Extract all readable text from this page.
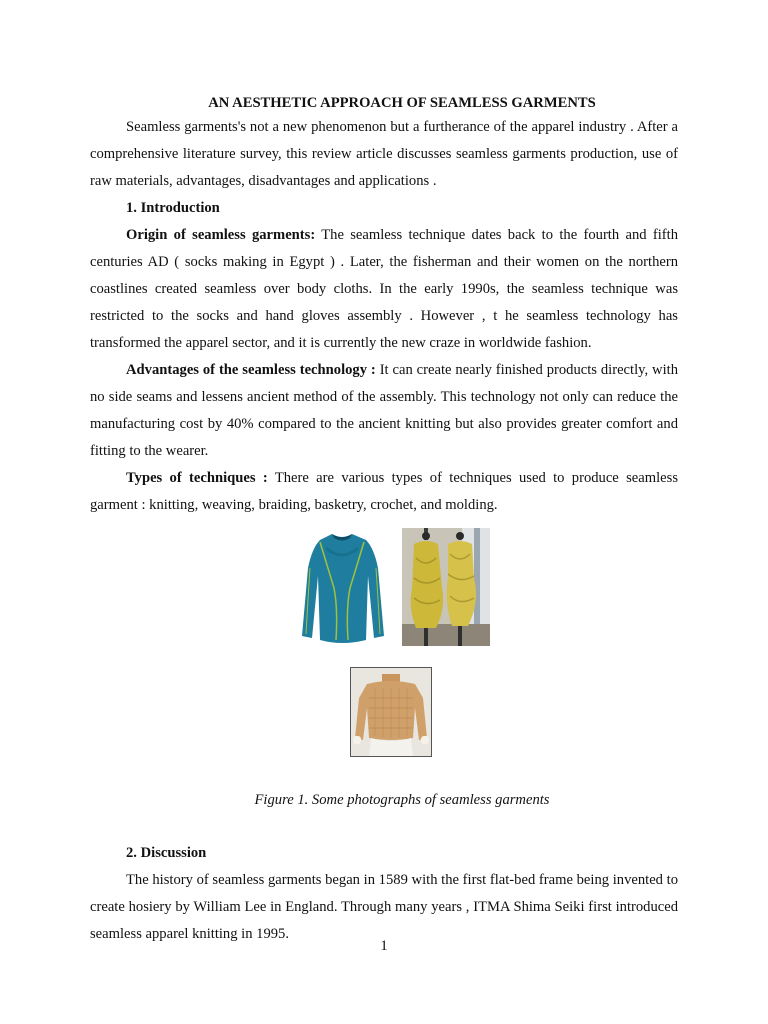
AN AESTHETIC APPROACH OF SEAMLESS GARMENTS

Seamless garments's not a new phenomenon but a furtherance of the apparel industry . After a comprehensive literature survey, this review article discusses seamless garments production, use of raw materials, advantages, disadvantages and applications .

1. Introduction

Origin of seamless garments: The seamless technique dates back to the fourth and fifth centuries AD ( socks making in Egypt ) . Later, the fisherman and their women on the northern coastlines created seamless over body cloths. In the early 1990s, the seamless technique was restricted to the socks and hand gloves assembly . However , t he seamless technology has transformed the apparel sector, and it is currently the new craze in worldwide fashion.

Advantages of the seamless technology : It can create nearly finished products directly, with no side seams and lessens ancient method of the assembly. This technology not only can reduce the manufacturing cost by 40% compared to the ancient knitting but also provides greater comfort and fitting to the wearer.

Types of techniques : There are various types of techniques used to produce seamless garment : knitting, weaving, braiding, basketry, crochet, and molding.

Figure 1. Some photographs of seamless garments

2. Discussion

The history of seamless garments began in 1589 with the first flat-bed frame being invented to create hosiery by William Lee in England. Through many years , ITMA Shima Seiki first introduced seamless apparel knitting in 1995.

1
